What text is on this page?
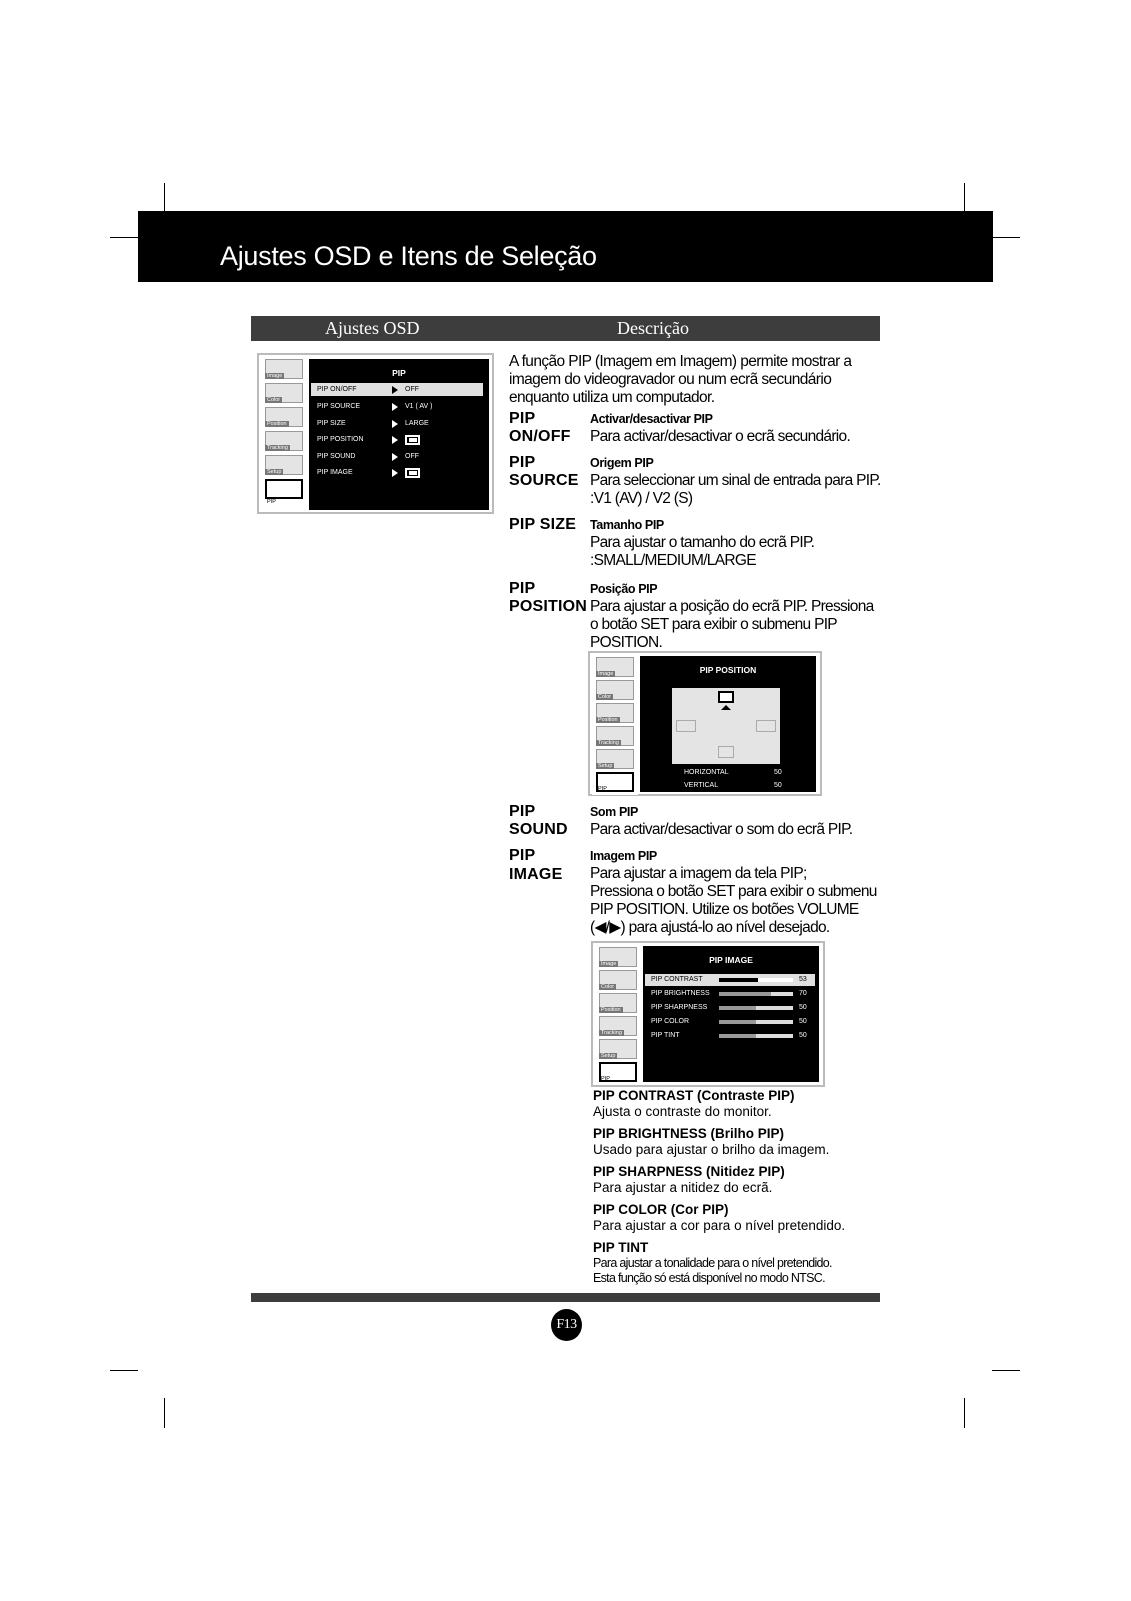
Ajustes OSD e Itens de Seleção
Ajustes OSD	Descrição
Image
Color
Position
Tracking
Setup
PIP
PIP
PIP ON/OFF	OFF
PIP SOURCE	V1 ( AV )
PIP SIZE	LARGE
PIP POSITION
PIP SOUND	OFF
PIP IMAGE
A função PIP (Imagem em Imagem) permite mostrar a
imagem do videogravador ou num ecrã secundário
enquanto utiliza um computador.
PIP
ON/OFF
Activar/desactivar PIP
Para activar/desactivar o ecrã secundário.
PIP
SOURCE
Origem PIP
Para seleccionar um sinal de entrada para PIP.
:V1 (AV) / V2 (S)
PIP SIZE Tamanho PIP
Para ajustar o tamanho do ecrã PIP.
:SMALL/MEDIUM/LARGE
PIP
POSITION
Posição PIP
Para ajustar a posição do ecrã PIP. Pressiona
o botão SET para exibir o submenu PIP
POSITION.
Image
Color
Position
Tracking
Setup
PIP
PIP POSITION
HORIZONTAL	50
VERTICAL	50
PIP
SOUND
Som PIP
Para activar/desactivar o som do ecrã PIP.
PIP
IMAGE
Imagem PIP
Para ajustar a imagem da tela PIP;
Pressiona o botão SET para exibir o submenu
PIP POSITION. Utilize os botões VOLUME
(◀/▶) para ajustá-lo ao nível desejado.
Image
Color
Position
Tracking
Setup
PIP
PIP IMAGE
PIP CONTRAST	53
PIP BRIGHTNESS	70
PIP SHARPNESS	50
PIP COLOR	50
PIP TINT	50
PIP CONTRAST (Contraste PIP)
Ajusta o contraste do monitor.
PIP BRIGHTNESS (Brilho PIP)
Usado para ajustar o brilho da imagem.
PIP SHARPNESS (Nitidez PIP)
Para ajustar a nitidez do ecrã.
PIP COLOR (Cor PIP)
Para ajustar a cor para o nível pretendido.
PIP TINT
Para ajustar a tonalidade para o nível pretendido.
Esta função só está disponível no modo NTSC.
F13
